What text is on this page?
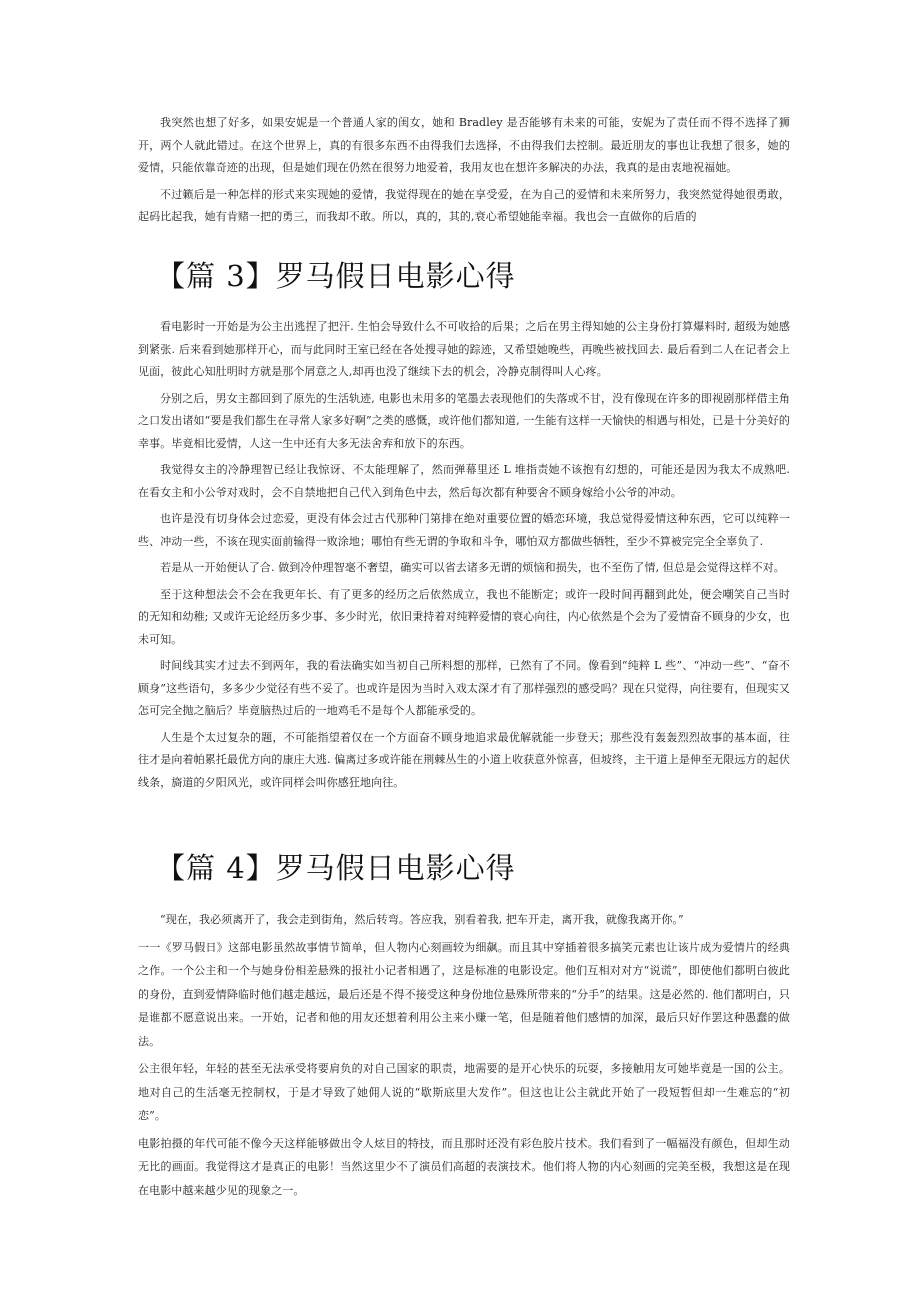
我突然也想了好多，如果安妮是一个普通人家的闺女，她和 Bradley 是否能够有未来的可能，安妮为了责任而不得不选择了狮开，两个人就此错过。在这个世界上，真的有很多东西不由得我们去选择，不由得我们去控制。最近朋友的事也让我想了很多，她的爱情，只能依靠奇迹的出现，但是她们现在仍然在很努力地爱着，我用友也在想许多解决的办法，我真的是由衷地祝福她。

不过籁后是一种怎样的形式来实现她的爱情，我觉得现在的她在享受爱，在为自己的爱情和未来所努力，我突然觉得她很勇敢，起码比起我，她有肯赌一把的勇三，而我却不敢。所以，真的，其的,衰心希望她能幸福。我也会一直做你的后盾的

【篇 3】罗马假日电影心得

看电影时一开始是为公主出逃捏了把汗. 生怕会导致什么不可收拾的后果；之后在男主得知她的公主身份打算爆料时, 超级为她感到紧张. 后来看到她那样开心，而与此同时王室已经在各处搜寻她的踪迹，又希望她晚些，再晚些被找回去. 最后看到二人在记者会上见面，彼此心知肚明时方就是那个屑意之人,却再也没了继续下去的机会，冷静克制得叫人心疼。

分别之后，男女主都回到了原先的生活轨迹, 电影也未用多的笔墨去表现他们的失落或不甘，没有像现在许多的即视剧那样借主角之口发出诸如“要是我们都生在寻常人家多好啊”之类的感慨，或许他们都知道, 一生能有这样一天愉快的相遇与相处，已是十分美好的幸事。毕竟相比爱情，人这一生中还有大多无法舍弃和放下的东西。

我觉得女主的冷静理智已经让我惊讶、不太能理解了，然而弹幕里还 L 堆指责她不该抱有幻想的，可能还是因为我太不成熟吧. 在看女主和小公爷对戏时，会不自禁地把自己代入到角色中去，然后每次都有种要舍不顾身嫁给小公爷的冲动。

也许是没有切身体会过恋爱，更没有体会过古代那种门第排在绝对重要位置的婚恋环境，我总觉得爱情这种东西，它可以纯粹一些、冲动一些，不该在现实面前输得一败涂地；哪怕有些无谓的争取和斗争，哪怕双方都做些牺牲，至少不算被完完全全辜负了.

若是从一开始便认了合. 做到冷仲理智毫不奢望，确实可以省去诸多无谓的烦恼和损失，也不至伤了情, 但总是会觉得这样不对。

至于这种想法会不会在我更年长、有了更多的经历之后依然成立，我也不能断定；或许一段时间再翻到此处，便会嘲笑自己当时的无知和幼稚; 又或许无论经历多少事、多少时光，依旧秉持着对纯粹爱情的衰心向往，内心依然是个会为了爱情奋不顾身的少女，也未可知。

时间线其实才过去不到两年，我的看法确实如当初自己所料想的那样，已然有了不同。像看到“纯粹 L 些”、“冲动一些”、“奋不顾身”这些语句，多多少少觉径有些不妥了。也或许是因为当时入戏太深才有了那样强烈的感受吗？现在只觉得，向往要有，但现实又怎可完全抛之脑后？毕竟脑热过后的一地鸡毛不是每个人都能承受的。

人生是个太过复杂的题，不可能指望着仅在一个方面奋不顾身地追求最优解就能一步登天；那些没有轰轰烈烈故事的基本面，往往才是向着帕累托最优方向的康庄大逃. 偏离过多或许能在荆棘丛生的小道上收获意外惊喜，但坡终，主干道上是伸至无限远方的起伏线条，旖道的夕阳风光，或许同样会叫你感狂地向往。

【篇 4】罗马假日电影心得

“现在，我必须离开了，我会走到街角，然后转弯。答应我，别看着我, 把车开走，离开我，就像我离开你。”

一一《罗马假日》这部电影虽然故事情节简单，但人物内心刻画较为细飙。而且其中穿插着很多搞笑元素也让该片成为爱情片的经典之作。一个公主和一个与她身份相差悬殊的报社小记者相遇了，这是标准的电影设定。他们互相对对方“说谎”，即使他们都明白彼此的身份，直到爱情降临时他们越走越远，最后还是不得不接受这种身份地位悬殊所带来的“分手”的结果。这是必然的. 他们都明白，只是谁都不愿意说出来。一开始，记者和他的用友还想着利用公主来小赚一笔，但是随着他们感情的加深，最后只好作罢这种愚蠢的做法。

公主很年轻，年轻的甚至无法承受将要肩负的对自己国家的职责，地需要的是开心快乐的玩耍，多接触用友可她毕竟是一国的公主。地对自己的生活毫无控制权，于是才导致了她佣人说的“歇斯底里大发作”。但这也让公主就此开始了一段短暂但却一生难忘的“初恋”。

电影拍摄的年代可能不像今天这样能够做出令人炫目的特技，而且那时还没有彩色胶片技术。我们看到了一幅福没有颜色，但却生动无比的画面。我觉得这才是真正的电影！当然这里少不了演员们高超的表演技术。他们将人物的内心刻画的完美至极，我想这是在现在电影中越来越少见的现象之一。
